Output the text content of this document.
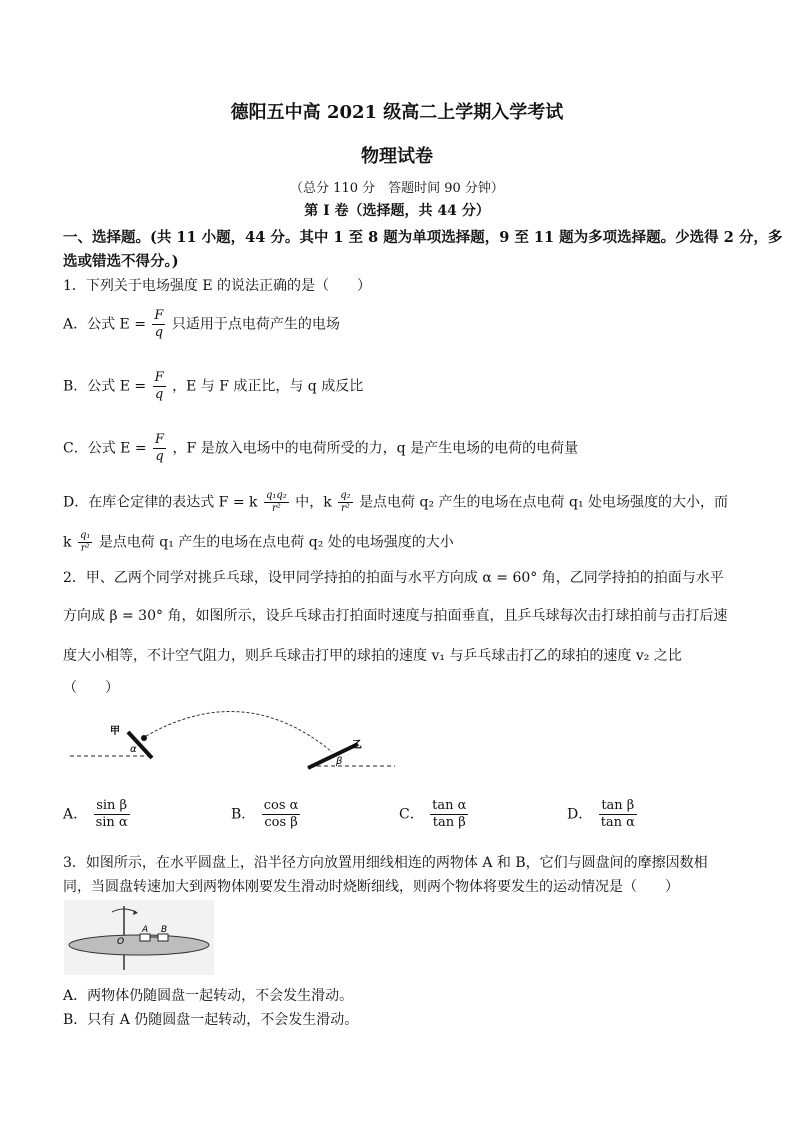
德阳五中高 2021 级高二上学期入学考试
物理试卷
（总分 110 分　答题时间 90 分钟）
第 I 卷（选择题，共 44 分）
一、选择题。(共 11 小题，44 分。其中 1 至 8 题为单项选择题，9 至 11 题为多项选择题。少选得 2 分，多
选或错选不得分。)
1．下列关于电场强度 E 的说法正确的是（　　）
A．公式 $E = \frac{F}{q}$ 只适用于点电荷产生的电场
B．公式 $E = \frac{F}{q}$ ，E 与 F 成正比，与 q 成反比
C．公式 $E = \frac{F}{q}$ ，F 是放入电场中的电荷所受的力，q 是产生电场的电荷的电荷量
D．在库仑定律的表达式 F = k $\frac{\text{q₁q₂}}{\text{r²}}$ 中，k $\frac{\text{q₂}}{\text{r²}}$ 是点电荷 q₂ 产生的电场在点电荷 q₁ 处电场强度的大小，而
k $\frac{\text{q₁}}{\text{r²}}$ 是点电荷 q₁ 产生的电场在点电荷 q₂ 处的电场强度的大小
2．甲、乙两个同学对挑乒乓球，设甲同学持拍的拍面与水平方向成 α = 60° 角，乙同学持拍的拍面与水平
方向成 β = 30° 角，如图所示，设乒乓球击打拍面时速度与拍面垂直，且乒乓球每次击打球拍前与击打后速
度大小相等，不计空气阻力，则乒乓球击打甲的球拍的速度 v₁ 与乒乓球击打乙的球拍的速度 v₂ 之比
（　　）
甲
α	乙
β
A． $\frac{\text{sin β}}{\text{sin α}}$	B． $\frac{\text{cos α}}{\text{cos β}}$	C． $\frac{\text{tan α}}{\text{tan β}}$	D． $\frac{\text{tan β}}{\text{tan α}}$
3．如图所示，在水平圆盘上，沿半径方向放置用细线相连的两物体 A 和 B，它们与圆盘间的摩擦因数相
同，当圆盘转速加大到两物体刚要发生滑动时烧断细线，则两个物体将要发生的运动情况是（　　）
O
A B
A．两物体仍随圆盘一起转动，不会发生滑动。
B．只有 A 仍随圆盘一起转动，不会发生滑动。
